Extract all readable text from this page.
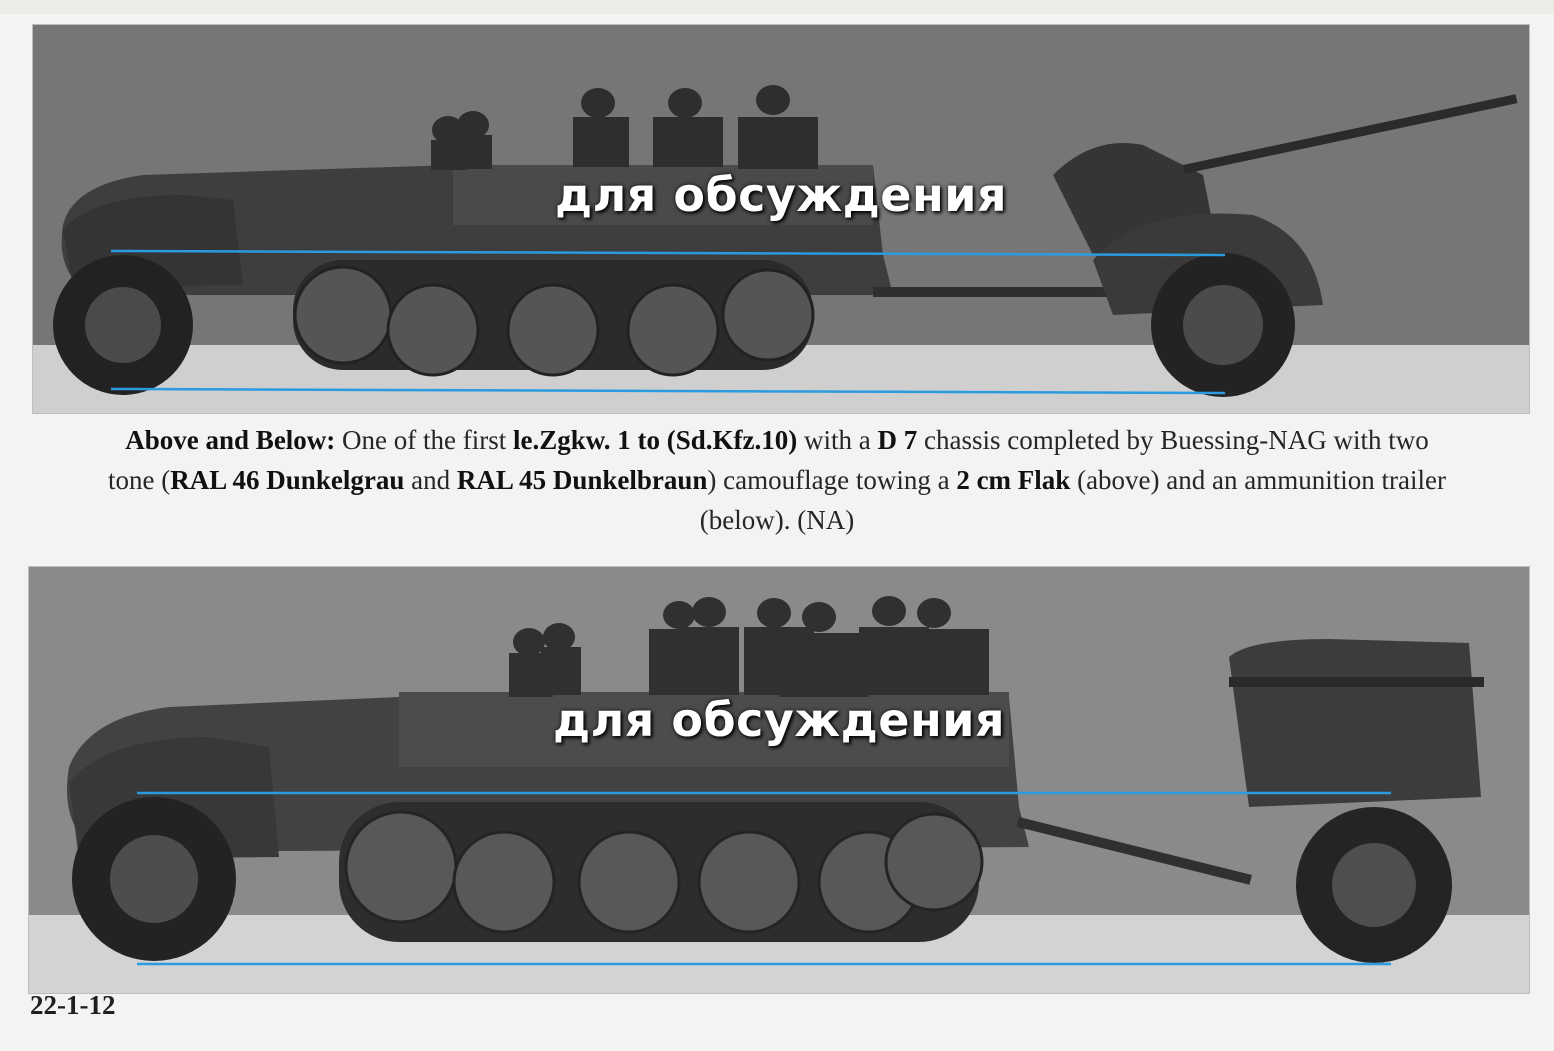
для обсуждения
Above and Below: One of the first le.Zgkw. 1 to (Sd.Kfz.10) with a D 7 chassis completed by Buessing-NAG with two tone (RAL 46 Dunkelgrau and RAL 45 Dunkelbraun) camouflage towing a 2 cm Flak (above) and an ammunition trailer (below). (NA)
для обсуждения
22-1-12
